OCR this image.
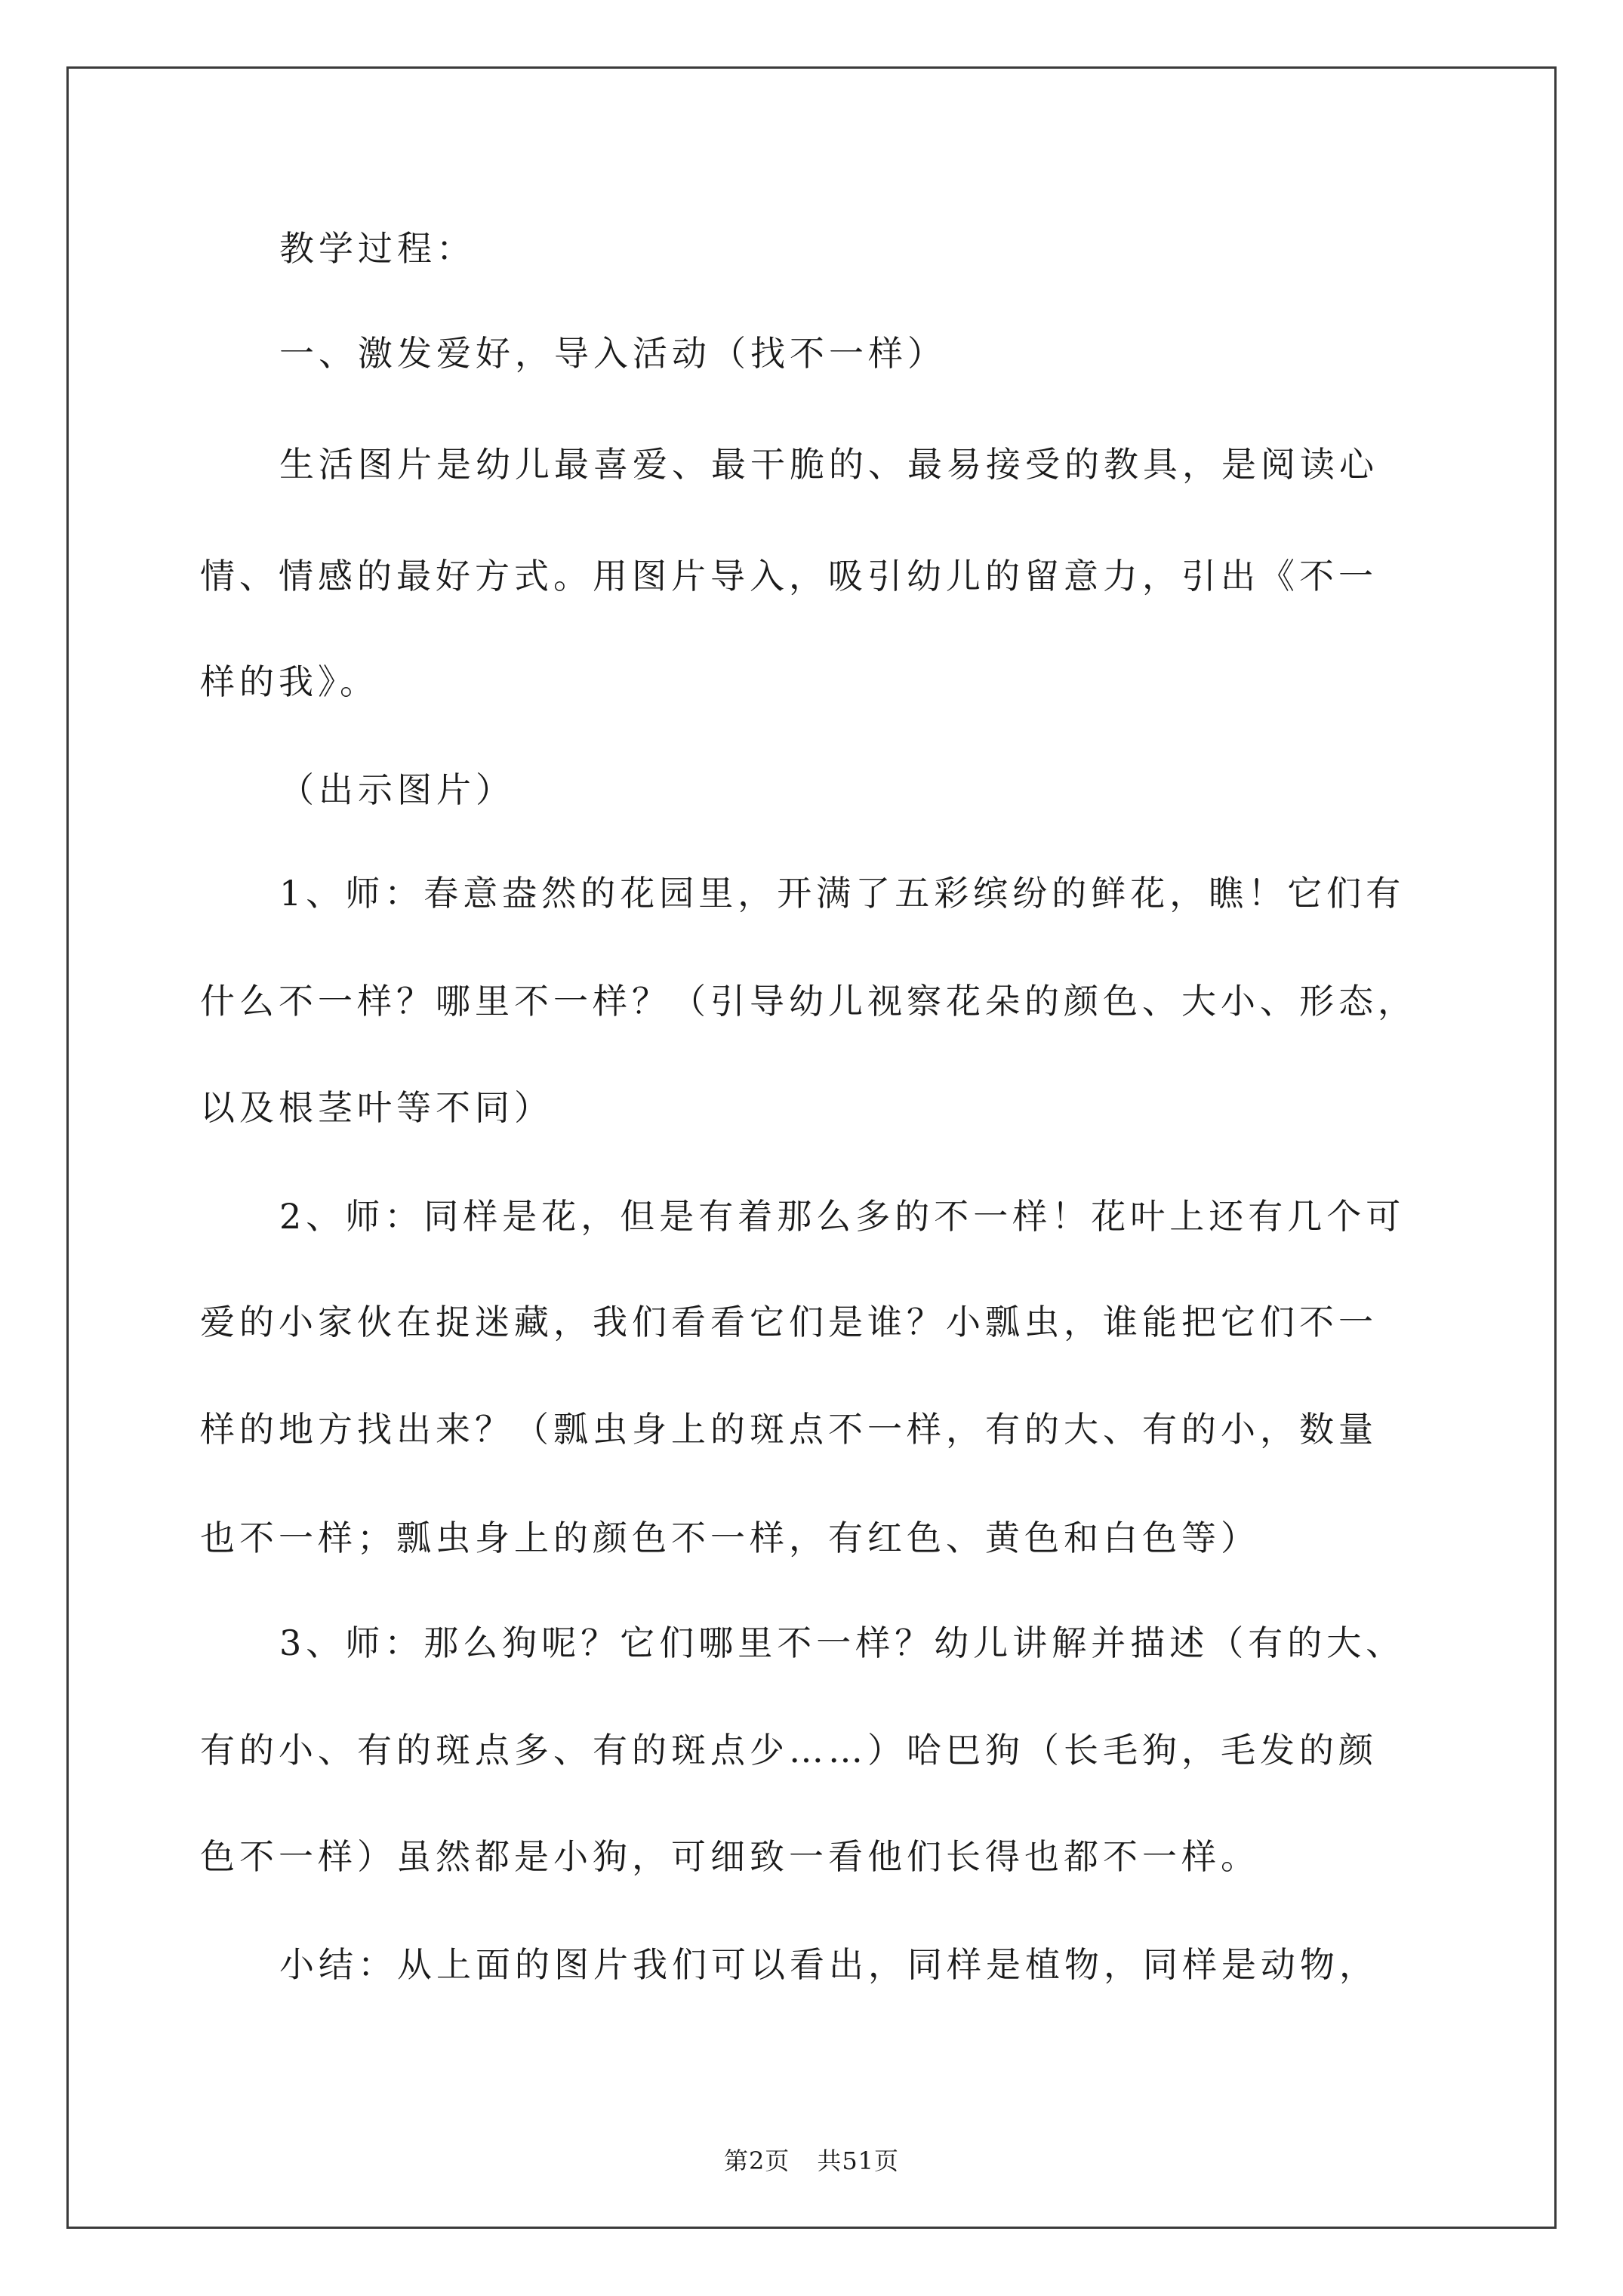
教学过程：
一、激发爱好，导入活动（找不一样）
生活图片是幼儿最喜爱、最干脆的、最易接受的教具，是阅读心
情、情感的最好方式。用图片导入，吸引幼儿的留意力，引出《不一
样的我》。
（出示图片）
1、师：春意盎然的花园里，开满了五彩缤纷的鲜花，瞧！它们有
什么不一样？哪里不一样？（引导幼儿视察花朵的颜色、大小、形态，
以及根茎叶等不同）
2、师：同样是花，但是有着那么多的不一样！花叶上还有几个可
爱的小家伙在捉迷藏，我们看看它们是谁？小瓢虫，谁能把它们不一
样的地方找出来？（瓢虫身上的斑点不一样，有的大、有的小，数量
也不一样；瓢虫身上的颜色不一样，有红色、黄色和白色等）
3、师：那么狗呢？它们哪里不一样？幼儿讲解并描述（有的大、
有的小、有的斑点多、有的斑点少……）哈巴狗（长毛狗，毛发的颜
色不一样）虽然都是小狗，可细致一看他们长得也都不一样。
小结：从上面的图片我们可以看出，同样是植物，同样是动物，
第2页 共51页
